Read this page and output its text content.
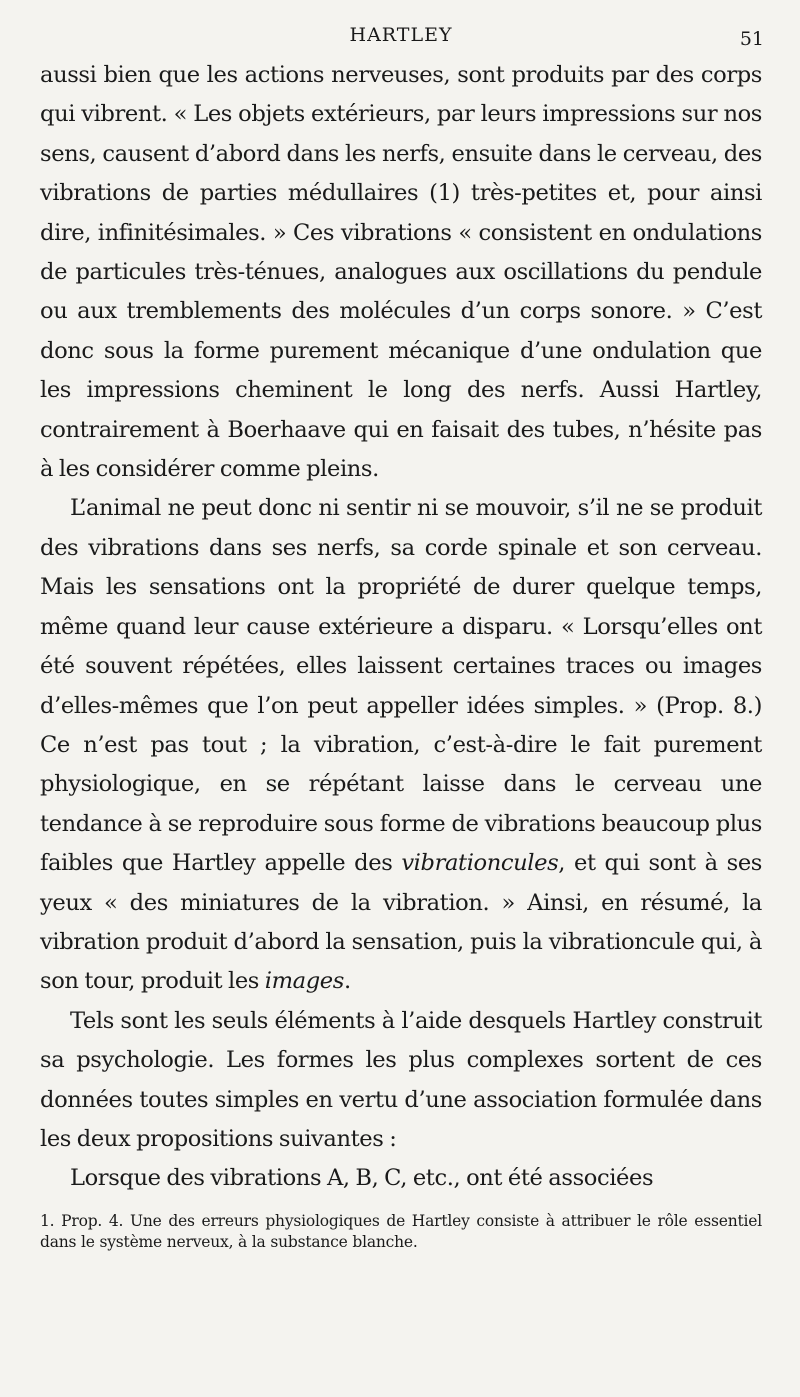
HARTLEY	51

aussi bien que les actions nerveuses, sont produits par des corps qui vibrent. « Les objets extérieurs, par leurs impressions sur nos sens, causent d’abord dans les nerfs, ensuite dans le cerveau, des vibrations de parties médullaires (1) très-petites et, pour ainsi dire, infinitésimales. » Ces vibrations « consistent en ondulations de particules très-ténues, analogues aux oscillations du pendule ou aux tremblements des molécules d’un corps sonore. » C’est donc sous la forme purement mécanique d’une ondulation que les impressions cheminent le long des nerfs. Aussi Hartley, contrairement à Boerhaave qui en faisait des tubes, n’hésite pas à les considérer comme pleins.

L’animal ne peut donc ni sentir ni se mouvoir, s’il ne se produit des vibrations dans ses nerfs, sa corde spinale et son cerveau. Mais les sensations ont la propriété de durer quelque temps, même quand leur cause extérieure a disparu. « Lorsqu’elles ont été souvent répétées, elles laissent certaines traces ou images d’elles-mêmes que l’on peut appeller idées simples. » (Prop. 8.) Ce n’est pas tout ; la vibration, c’est-à-dire le fait purement physiologique, en se répétant laisse dans le cerveau une tendance à se reproduire sous forme de vibrations beaucoup plus faibles que Hartley appelle des vibrationcules, et qui sont à ses yeux « des miniatures de la vibration. » Ainsi, en résumé, la vibration produit d’abord la sensation, puis la vibrationcule qui, à son tour, produit les images.

Tels sont les seuls éléments à l’aide desquels Hartley construit sa psychologie. Les formes les plus complexes sortent de ces données toutes simples en vertu d’une association formulée dans les deux propositions suivantes :

Lorsque des vibrations A, B, C, etc., ont été associées

1. Prop. 4. Une des erreurs physiologiques de Hartley consiste à attribuer le rôle essentiel dans le système nerveux, à la substance blanche.
